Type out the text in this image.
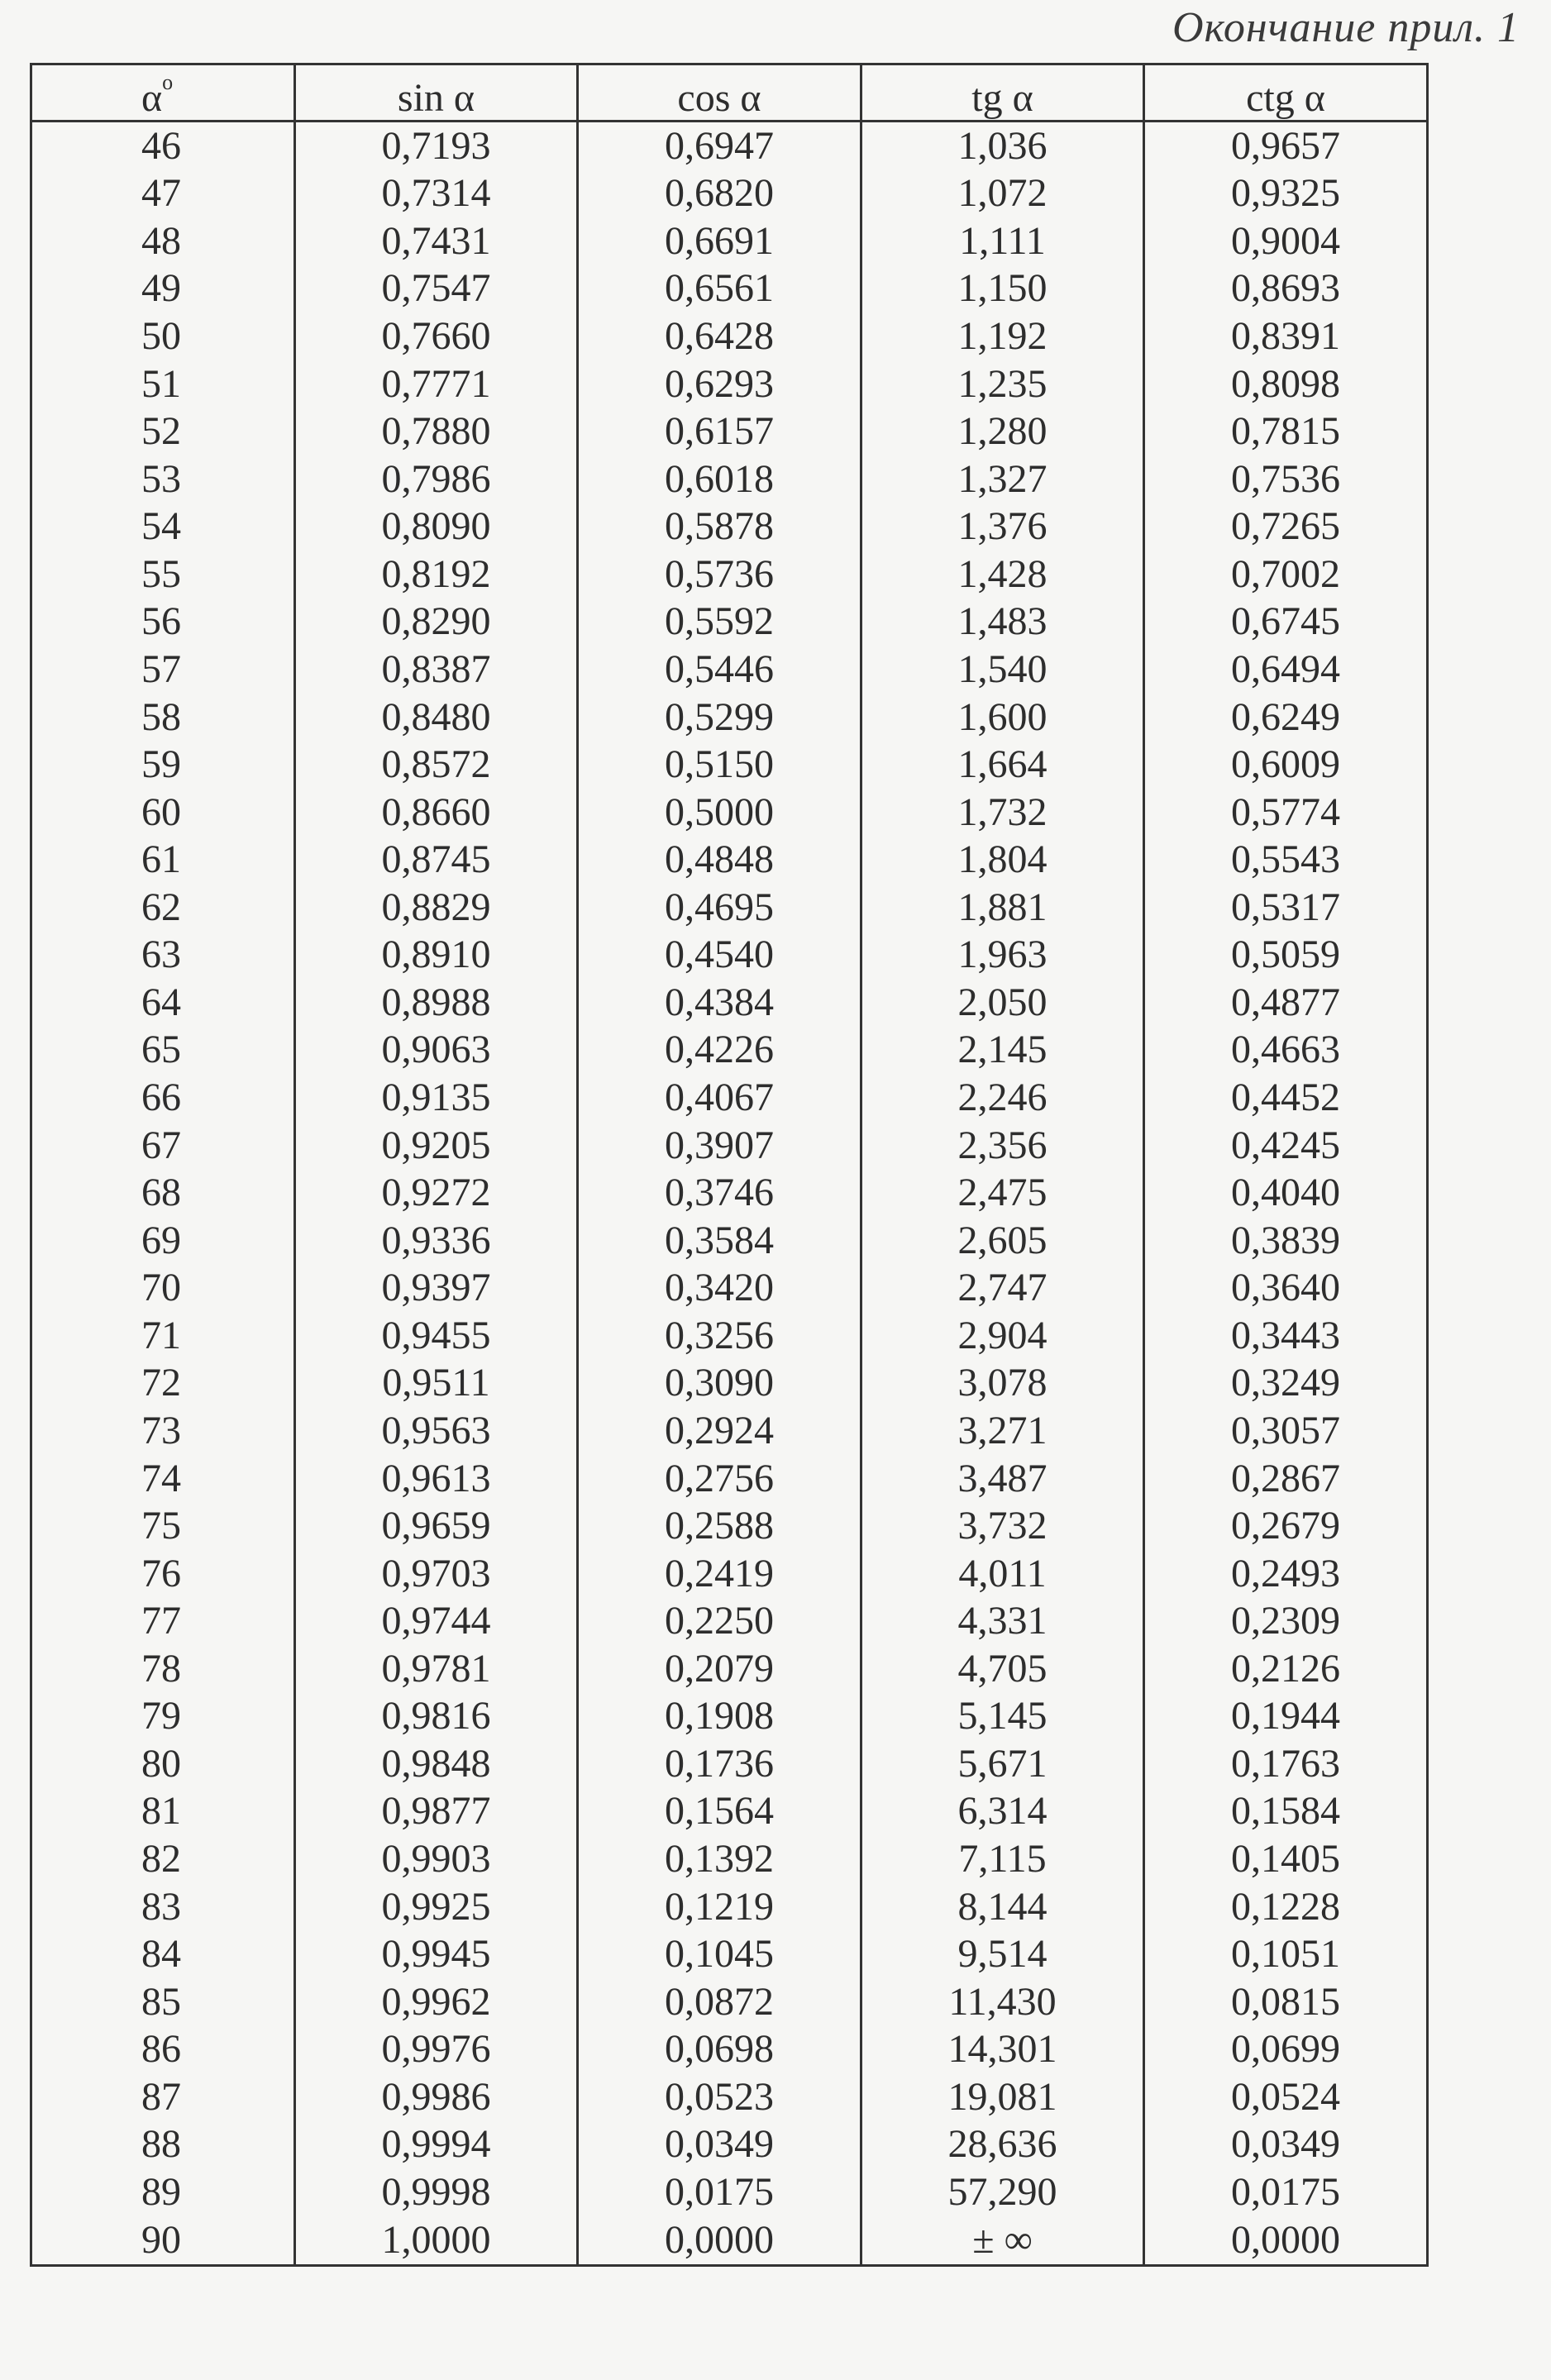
Окончание прил. 1
$\alpha^o$	sin α	cos α	tg α	ctg α
46	0,7193	0,6947	1,036	0,9657
47	0,7314	0,6820	1,072	0,9325
48	0,7431	0,6691	1,111	0,9004
49	0,7547	0,6561	1,150	0,8693
50	0,7660	0,6428	1,192	0,8391
51	0,7771	0,6293	1,235	0,8098
52	0,7880	0,6157	1,280	0,7815
53	0,7986	0,6018	1,327	0,7536
54	0,8090	0,5878	1,376	0,7265
55	0,8192	0,5736	1,428	0,7002
56	0,8290	0,5592	1,483	0,6745
57	0,8387	0,5446	1,540	0,6494
58	0,8480	0,5299	1,600	0,6249
59	0,8572	0,5150	1,664	0,6009
60	0,8660	0,5000	1,732	0,5774
61	0,8745	0,4848	1,804	0,5543
62	0,8829	0,4695	1,881	0,5317
63	0,8910	0,4540	1,963	0,5059
64	0,8988	0,4384	2,050	0,4877
65	0,9063	0,4226	2,145	0,4663
66	0,9135	0,4067	2,246	0,4452
67	0,9205	0,3907	2,356	0,4245
68	0,9272	0,3746	2,475	0,4040
69	0,9336	0,3584	2,605	0,3839
70	0,9397	0,3420	2,747	0,3640
71	0,9455	0,3256	2,904	0,3443
72	0,9511	0,3090	3,078	0,3249
73	0,9563	0,2924	3,271	0,3057
74	0,9613	0,2756	3,487	0,2867
75	0,9659	0,2588	3,732	0,2679
76	0,9703	0,2419	4,011	0,2493
77	0,9744	0,2250	4,331	0,2309
78	0,9781	0,2079	4,705	0,2126
79	0,9816	0,1908	5,145	0,1944
80	0,9848	0,1736	5,671	0,1763
81	0,9877	0,1564	6,314	0,1584
82	0,9903	0,1392	7,115	0,1405
83	0,9925	0,1219	8,144	0,1228
84	0,9945	0,1045	9,514	0,1051
85	0,9962	0,0872	11,430	0,0815
86	0,9976	0,0698	14,301	0,0699
87	0,9986	0,0523	19,081	0,0524
88	0,9994	0,0349	28,636	0,0349
89	0,9998	0,0175	57,290	0,0175
90	1,0000	0,0000	± ∞	0,0000
